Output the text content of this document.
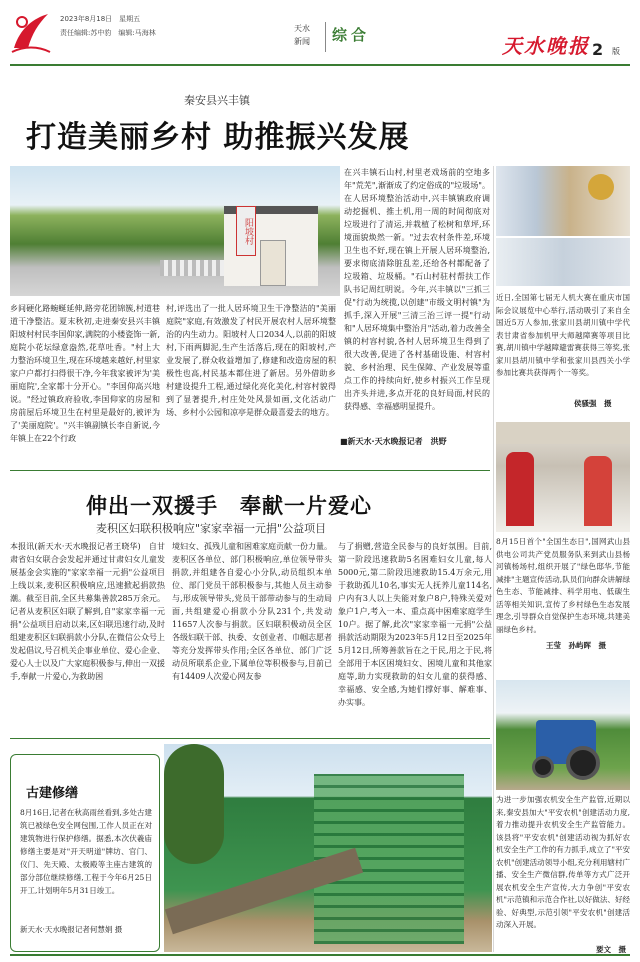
2023年8月18日　星期五
责任编辑:苏中豹　编辑:马海林	天水
新闻	综合	天水晚报 2 版
秦安县兴丰镇
打造美丽乡村 助推振兴发展
阳坡村
乡间硬化路蜿蜒延伸,路旁花团锦簇,村道巷道干净整洁。夏末秋初,走进秦安县兴丰镇阳坡村村民李国仰家,满院的小楼瓷饰一新,庭院小花坛绿意盎然,花草吐香。"村上大力整治环境卫生,现在环境越来越好,村里家家户户都打扫得很干净,今年我家被评为'美丽庭院',全家都十分开心。"李国仰高兴地说。"经过镇政府验收,李国仰家的房屋和房前屋后环境卫生在村里是最好的,被评为了'美丽庭院'。"兴丰镇副镇长李自新说,今年镇上在22个行政
村,评选出了一批人居环境卫生干净整洁的"美丽庭院"家庭,有效激发了村民开展农村人居环境整治的内生动力。阳坡村人口2034人,以前的阳坡村,下雨两脚泥,生产生活落后,现在的阳坡村,产业发展了,群众收益增加了,修建和改造房屋的积极性也高,村民基本都住进了新居。另外借助乡村建设提升工程,通过绿化亮化美化,村容村貌得到了显著提升,村庄处处风景如画,文化活动广场、乡村小公园和凉亭是群众最喜爱去的地方。
在兴丰镇石山村,村里老戏场前的空地多年"荒芜",渐渐成了约定俗成的"垃圾场"。在人居环境整治活动中,兴丰镇镇政府调动挖掘机、推土机,用一周的时间彻底对垃圾进行了清运,并栽植了松树和草坪,环境面貌焕然一新。"过去农村条件差,环境卫生也不好,现在镇上开展人居环境整治,要求彻底清除脏乱差,还给各村都配备了垃圾箱、垃圾桶。"石山村驻村帮扶工作队书记周红明说。今年,兴丰镇以"三抓三促"行动为统揽,以创建"市级文明村镇"为抓手,深入开展"三清三治三评一提"行动和"人居环境集中整治月"活动,着力改善全镇的村容村貌,各村人居环境卫生得到了很大改善,促进了各村基础设施、村容村貌、乡村治理、民生保障、产业发展等重点工作的持续向好,使乡村振兴工作呈现出齐头并进,多点开花的良好局面,村民的获得感、幸福感明显提升。
■新天水·天水晚报记者　洪野
伸出一双援手　奉献一片爱心
麦积区妇联积极响应"家家幸福一元捐"公益项目
本报讯(新天水·天水晚报记者王晓华)　自甘肃省妇女联合会发起并通过甘肃妇女儿童发展基金会实施的"家家幸福一元捐"公益项目上线以来,麦积区积极响应,迅速掀起捐款热潮。截至目前,全区共募集善款285万余元。记者从麦积区妇联了解到,自"家家幸福一元捐"公益项目启动以来,区妇联迅速行动,及时组建麦积区妇联捐款小分队,在微信公众号上发起倡议,号召机关企事业单位、爱心企业、爱心人士以及广大家庭积极参与,伸出一双援手,奉献一片爱心,为救助困
境妇女、孤残儿童和困难家庭贡献一份力量。麦积区各单位、部门积极响应,单位领导带头捐款,并组建各自爱心小分队,动员组织本单位、部门党员干部积极参与,其他人员主动参与,形成领导带头,党员干部带动参与的生动局面,共组建爱心捐款小分队231个,共发动11657人次参与捐款。区妇联积极动员全区各级妇联干部、执委、女创业者、巾帼志愿者等充分发挥带头作用;全区各单位、部门广泛动员所联系企业,下属单位等积极参与,目前已有14409人次爱心网友参
与了捐赠,营造全民参与的良好氛围。目前,第一阶段迅速救助5名困难妇女儿童,每人5000元,第二阶段迅速救助15.4万余元,用于救助孤儿10名,事实无人抚养儿童114名,户内有3人以上失能对象户8户,特殊关爱对象户1户,考入一本、重点高中困难家庭学生10户。据了解,此次"家家幸福一元捐"公益捐款活动期限为2023年5月12日至2025年5月12日,所筹善款旨在之于民,用之于民,将全部用于本区困境妇女、困境儿童和其他家庭等,助力实现救助的妇女儿童的获得感、幸福感、安全感,为她们撑好事、解难事、办实事。
古建修缮
8月16日,记者在秋高雨丝看到,多处古建筑已被绿色安全网包围,工作人员正在对建筑物进行保护修缮。据悉,本次伏羲庙修缮主要是对"开天明道"牌坊、官门、仪门、先天殿、太极殿等主座古建筑的部分部位继续修缮,工程于今年6月25日开工,计划明年5月31日竣工。
新天水·天水晚报记者何慧娟 摄
近日,全国第七届无人机大赛在重庆市国际会议展览中心举行,活动吸引了来自全国近5万人参加,张家川县胡川镇中学代表甘肃省参加机甲大师越障赛等项目比赛,胡川镇中学越障避雷赛获得三等奖,张家川县胡川镇中学和张家川县西关小学参加比赛共获得两个一等奖。
侯骚强　摄
8月15日首个"全国生态日",国网武山县供电公司共产党员服务队来到武山县杨河镇杨场村,组织开展了"绿色邸华,节能减排"主题宣传活动,队员们向群众讲解绿色生态、节能减排、科学用电、低碳生活等相关知识,宣传了乡村绿色生态发展理念,引导群众自觉保护生态环境,共建美丽绿色乡村。
王莹　孙屿晖　摄
为进一步加强农机安全生产监管,近期以来,秦安县加大"平安农机"创建活动力度,着力推动提升农机安全生产监管能力。该县将"平安农机"创建活动视为抓好农机安全生产工作的有力抓手,成立了"平安农机"创建活动领导小组,充分利用辖村广播、安全生产微信群,传单等方式广泛开展农机安全生产宣传,大力争创"平安农机"示范镇和示范合作社,以好做法、好经验、好典型,示范引领"平安农机"创建活动深入开展。
要文　摄
